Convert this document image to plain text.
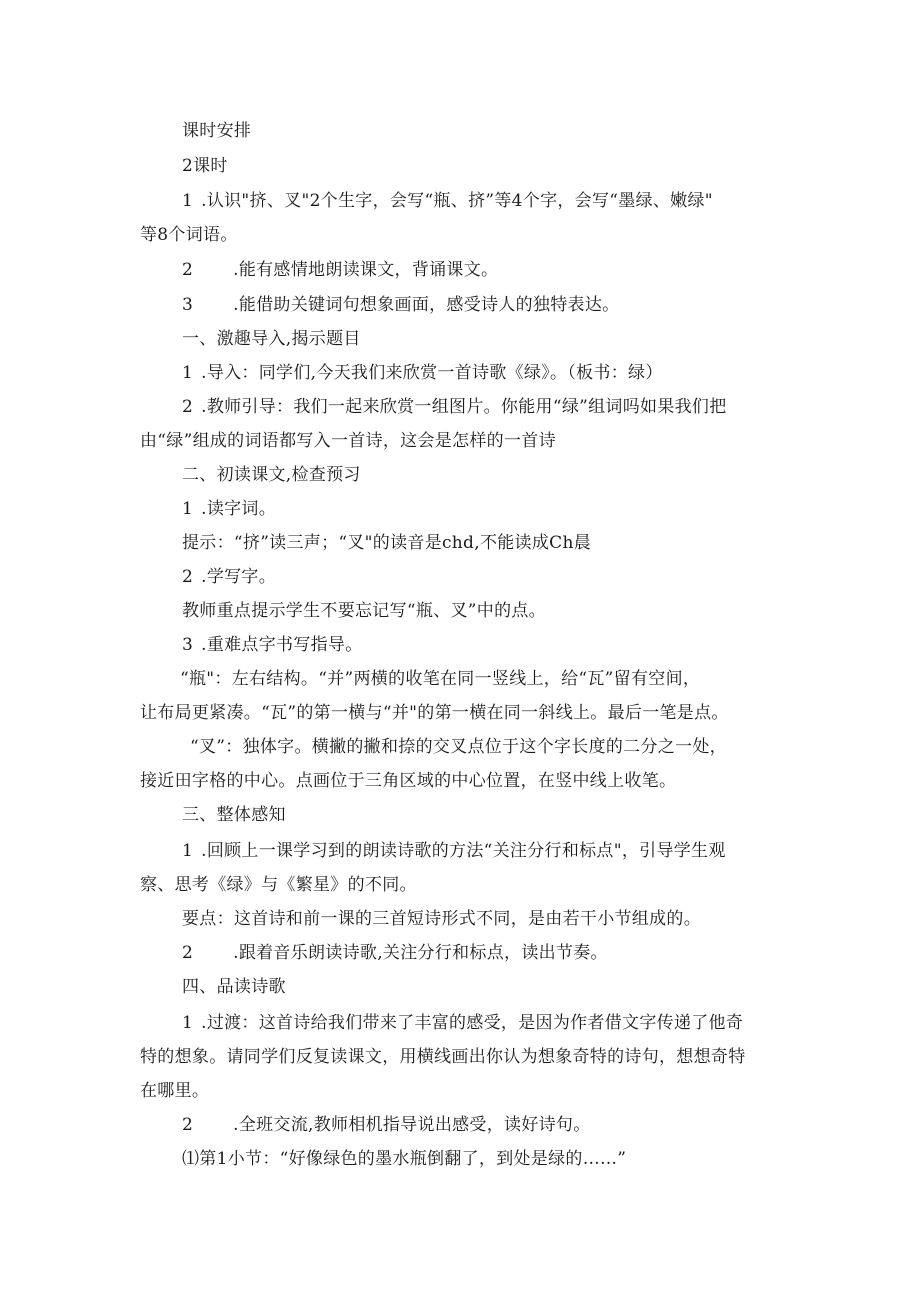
课时安排
2课时
1 .认识"挤、叉"2个生字，会写“瓶、挤”等4个字，会写“墨绿、嫩绿"
等8个词语。
2 .能有感情地朗读课文，背诵课文。
3 .能借助关键词句想象画面，感受诗人的独特表达。
一、激趣导入,揭示题目
1 .导入：同学们,今天我们来欣赏一首诗歌《绿》。（板书：绿）
2 .教师引导：我们一起来欣赏一组图片。你能用“绿”组词吗如果我们把
由“绿”组成的词语都写入一首诗，这会是怎样的一首诗
二、初读课文,检查预习
1 .读字词。
提示：“挤”读三声；“叉"的读音是chd,不能读成Ch晨
2 .学写字。
教师重点提示学生不要忘记写“瓶、叉”中的点。
3 .重难点字书写指导。
“瓶"：左右结构。“并”两横的收笔在同一竖线上，给“瓦”留有空间，
让布局更紧凑。“瓦”的第一横与“并"的第一横在同一斜线上。最后一笔是点。
“叉”：独体字。横撇的撇和捺的交叉点位于这个字长度的二分之一处，
接近田字格的中心。点画位于三角区域的中心位置，在竖中线上收笔。
三、整体感知
1 .回顾上一课学习到的朗读诗歌的方法“关注分行和标点"，引导学生观
察、思考《绿》与《繁星》的不同。
要点：这首诗和前一课的三首短诗形式不同，是由若干小节组成的。
2 .跟着音乐朗读诗歌,关注分行和标点，读出节奏。
四、品读诗歌
1 .过渡：这首诗给我们带来了丰富的感受，是因为作者借文字传递了他奇
特的想象。请同学们反复读课文，用横线画出你认为想象奇特的诗句，想想奇特
在哪里。
2 .全班交流,教师相机指导说出感受，读好诗句。
⑴第1小节：“好像绿色的墨水瓶倒翻了，到处是绿的……”
